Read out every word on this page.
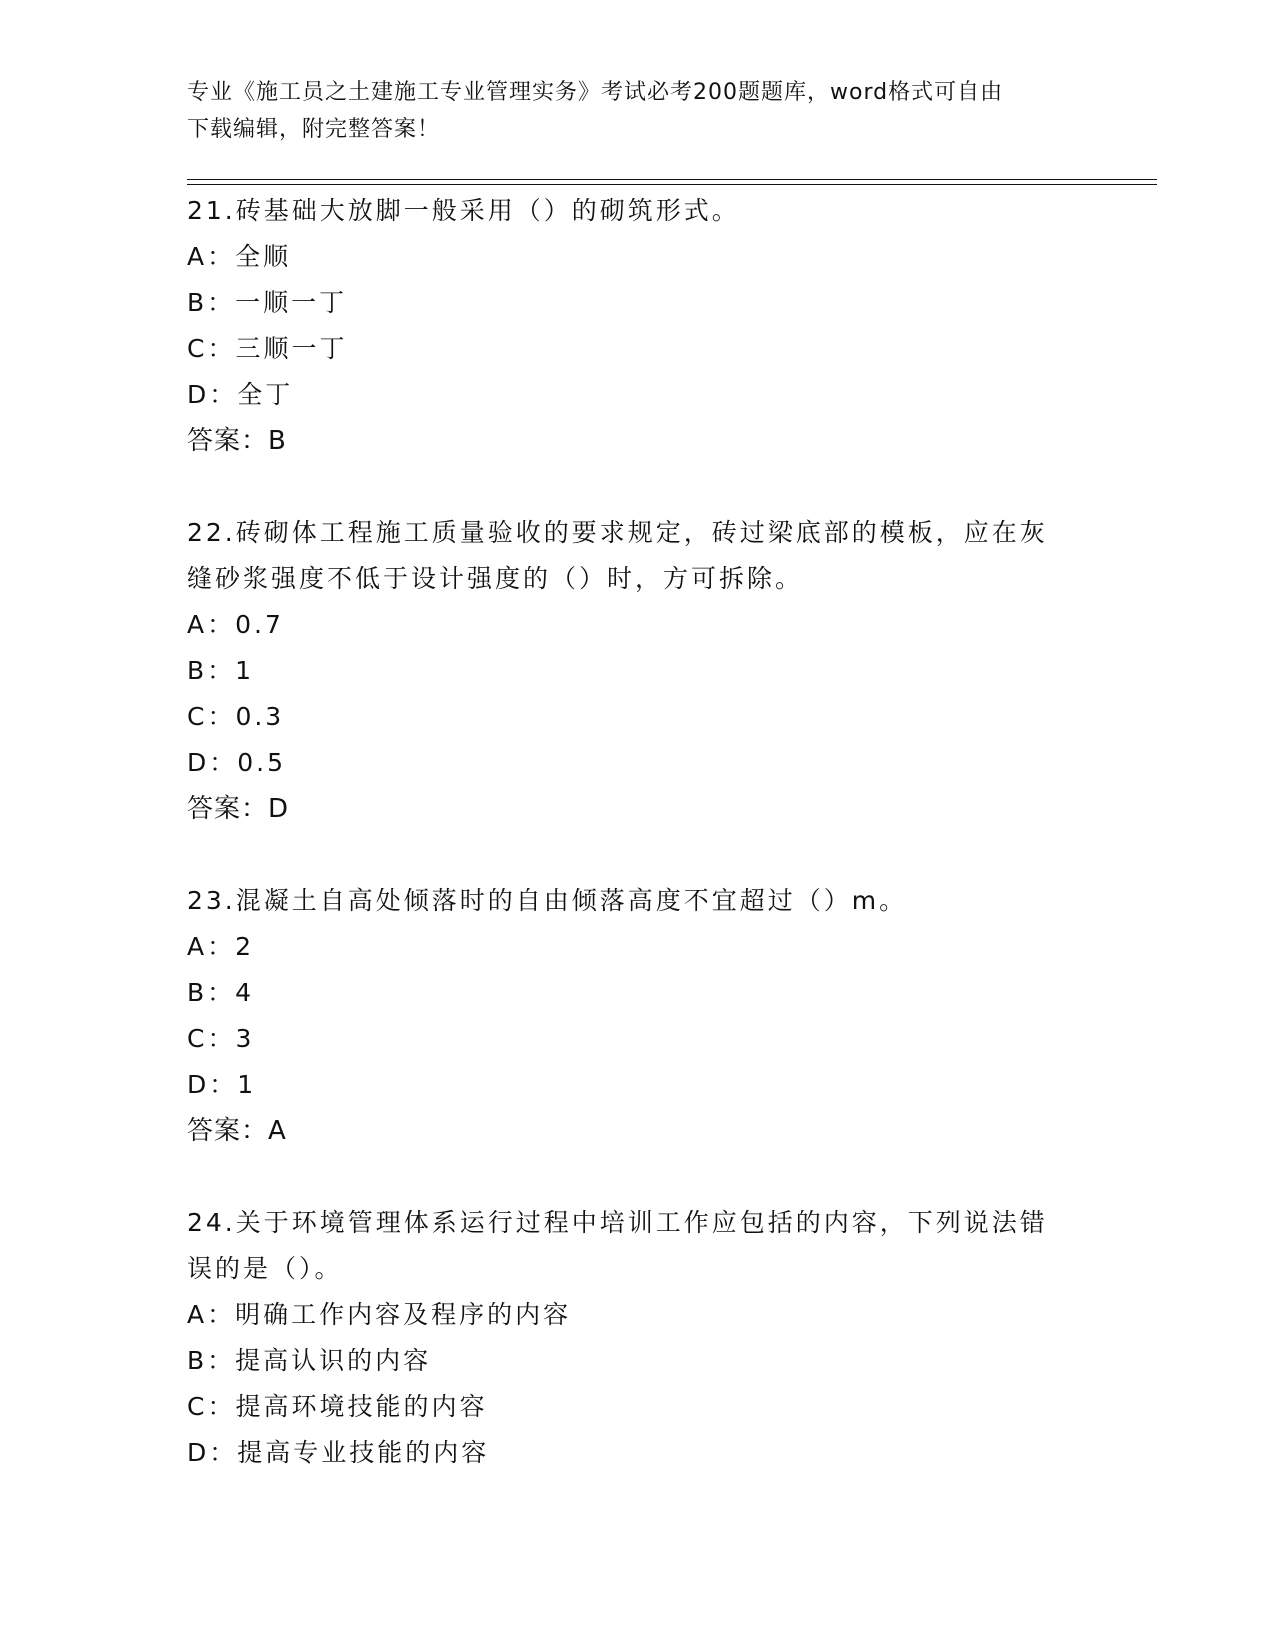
专业《施工员之土建施工专业管理实务》考试必考200题题库，word格式可自由
下载编辑，附完整答案！
21.砖基础大放脚一般采用（）的砌筑形式。
A：全顺
B：一顺一丁
C：三顺一丁
D：全丁
答案：B
22.砖砌体工程施工质量验收的要求规定，砖过梁底部的模板，应在灰
缝砂浆强度不低于设计强度的（）时，方可拆除。
A：0.7
B：1
C：0.3
D：0.5
答案：D
23.混凝土自高处倾落时的自由倾落高度不宜超过（）m。
A：2
B：4
C：3
D：1
答案：A
24.关于环境管理体系运行过程中培训工作应包括的内容，下列说法错
误的是（）。
A：明确工作内容及程序的内容
B：提高认识的内容
C：提高环境技能的内容
D：提高专业技能的内容
